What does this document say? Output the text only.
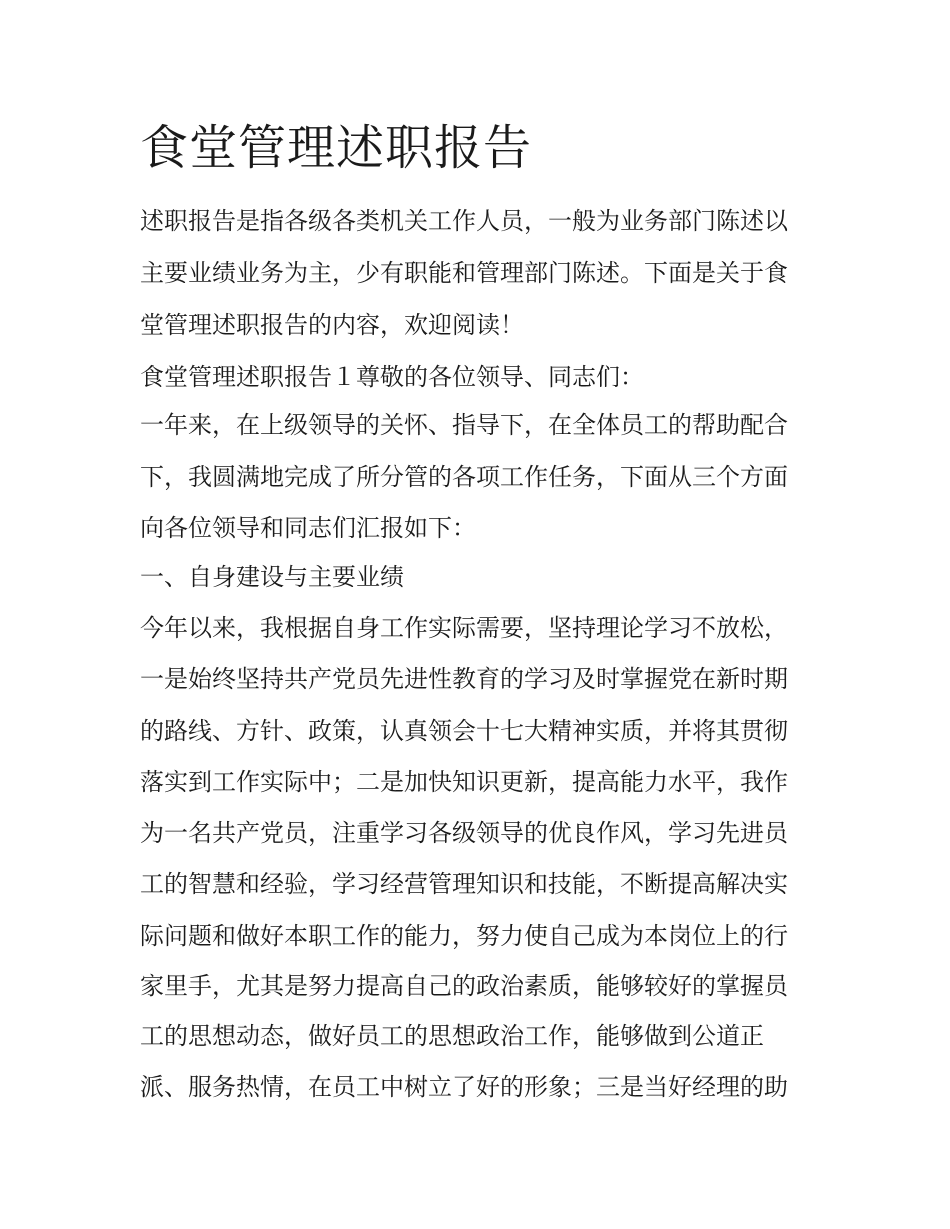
食堂管理述职报告
述职报告是指各级各类机关工作人员，一般为业务部门陈述以
主要业绩业务为主，少有职能和管理部门陈述。下面是关于食
堂管理述职报告的内容，欢迎阅读！
食堂管理述职报告１尊敬的各位领导、同志们：
一年来，在上级领导的关怀、指导下，在全体员工的帮助配合
下，我圆满地完成了所分管的各项工作任务，下面从三个方面
向各位领导和同志们汇报如下：
一、自身建设与主要业绩
今年以来，我根据自身工作实际需要，坚持理论学习不放松，
一是始终坚持共产党员先进性教育的学习及时掌握党在新时期
的路线、方针、政策，认真领会十七大精神实质，并将其贯彻
落实到工作实际中；二是加快知识更新，提高能力水平，我作
为一名共产党员，注重学习各级领导的优良作风，学习先进员
工的智慧和经验，学习经营管理知识和技能，不断提高解决实
际问题和做好本职工作的能力，努力使自己成为本岗位上的行
家里手，尤其是努力提高自己的政治素质，能够较好的掌握员
工的思想动态，做好员工的思想政治工作，能够做到公道正
派、服务热情，在员工中树立了好的形象；三是当好经理的助
